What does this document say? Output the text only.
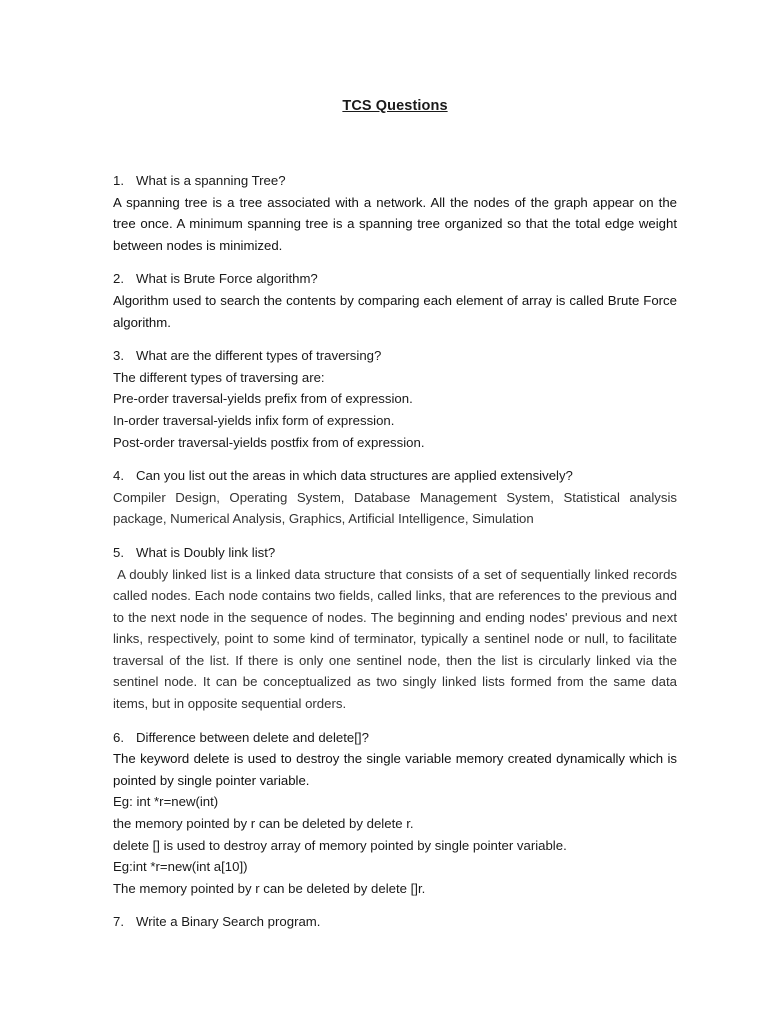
TCS Questions
1. What is a spanning Tree?

A spanning tree is a tree associated with a network. All the nodes of the graph appear on the tree once. A minimum spanning tree is a spanning tree organized so that the total edge weight between nodes is minimized.

2. What is Brute Force algorithm?

Algorithm used to search the contents by comparing each element of array is called Brute Force algorithm.

3. What are the different types of traversing?

The different types of traversing are:

Pre-order traversal-yields prefix from of expression.

In-order traversal-yields infix form of expression.

Post-order traversal-yields postfix from of expression.

4. Can you list out the areas in which data structures are applied extensively?

Compiler Design, Operating System, Database Management System, Statistical analysis package, Numerical Analysis, Graphics, Artificial Intelligence, Simulation

5. What is Doubly link list?

A doubly linked list is a linked data structure that consists of a set of sequentially linked records called nodes. Each node contains two fields, called links, that are references to the previous and to the next node in the sequence of nodes. The beginning and ending nodes' previous and next links, respectively, point to some kind of terminator, typically a sentinel node or null, to facilitate traversal of the list. If there is only one sentinel node, then the list is circularly linked via the sentinel node. It can be conceptualized as two singly linked lists formed from the same data items, but in opposite sequential orders.

6. Difference between delete and delete[]?

The keyword delete is used to destroy the single variable memory created dynamically which is pointed by single pointer variable.

Eg: int *r=new(int)

the memory pointed by r can be deleted by delete r.

delete [] is used to destroy array of memory pointed by single pointer variable.

Eg:int *r=new(int a[10])

The memory pointed by r can be deleted by delete []r.

7. Write a Binary Search program.
